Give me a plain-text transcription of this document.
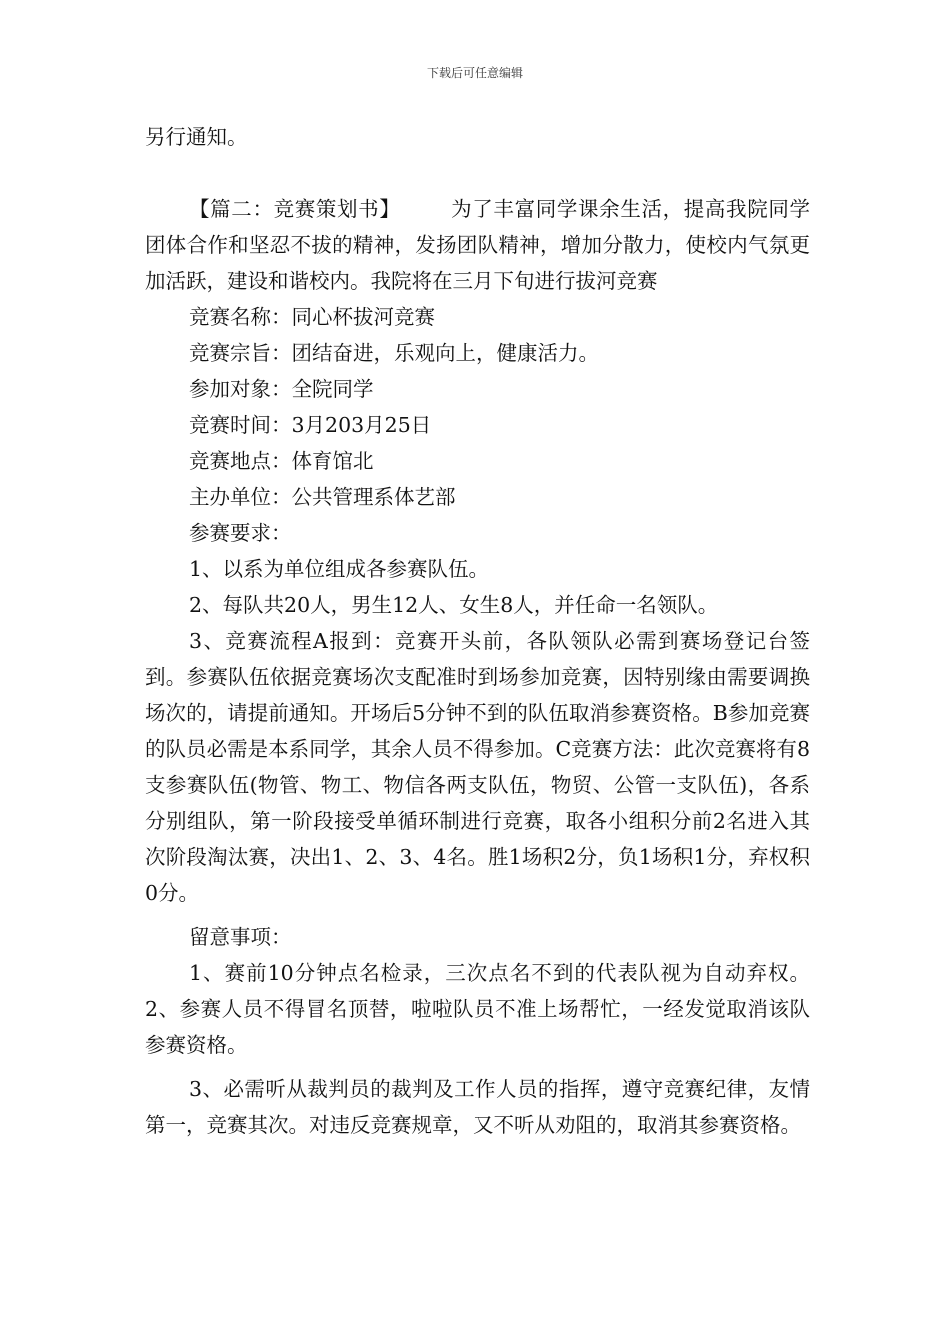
下载后可任意编辑

另行通知。

【篇二：竞赛策划书】 为了丰富同学课余生活，提高我院同学团体合作和坚忍不拔的精神，发扬团队精神，增加分散力，使校内气氛更加活跃，建设和谐校内。我院将在三月下旬进行拔河竞赛

竞赛名称：同心杯拔河竞赛

竞赛宗旨：团结奋进，乐观向上，健康活力。

参加对象：全院同学

竞赛时间：3月203月25日

竞赛地点：体育馆北

主办单位：公共管理系体艺部

参赛要求：

1、以系为单位组成各参赛队伍。

2、每队共20人，男生12人、女生8人，并任命一名领队。

3、竞赛流程A报到：竞赛开头前，各队领队必需到赛场登记台签到。参赛队伍依据竞赛场次支配准时到场参加竞赛，因特别缘由需要调换场次的，请提前通知。开场后5分钟不到的队伍取消参赛资格。B参加竞赛的队员必需是本系同学，其余人员不得参加。C竞赛方法：此次竞赛将有8支参赛队伍(物管、物工、物信各两支队伍，物贸、公管一支队伍)，各系分别组队，第一阶段接受单循环制进行竞赛，取各小组积分前2名进入其次阶段淘汰赛，决出1、2、3、4名。胜1场积2分，负1场积1分，弃权积0分。

留意事项：

1、赛前10分钟点名检录，三次点名不到的代表队视为自动弃权。2、参赛人员不得冒名顶替，啦啦队员不准上场帮忙，一经发觉取消该队参赛资格。

3、必需听从裁判员的裁判及工作人员的指挥，遵守竞赛纪律，友情第一，竞赛其次。对违反竞赛规章，又不听从劝阻的，取消其参赛资格。
